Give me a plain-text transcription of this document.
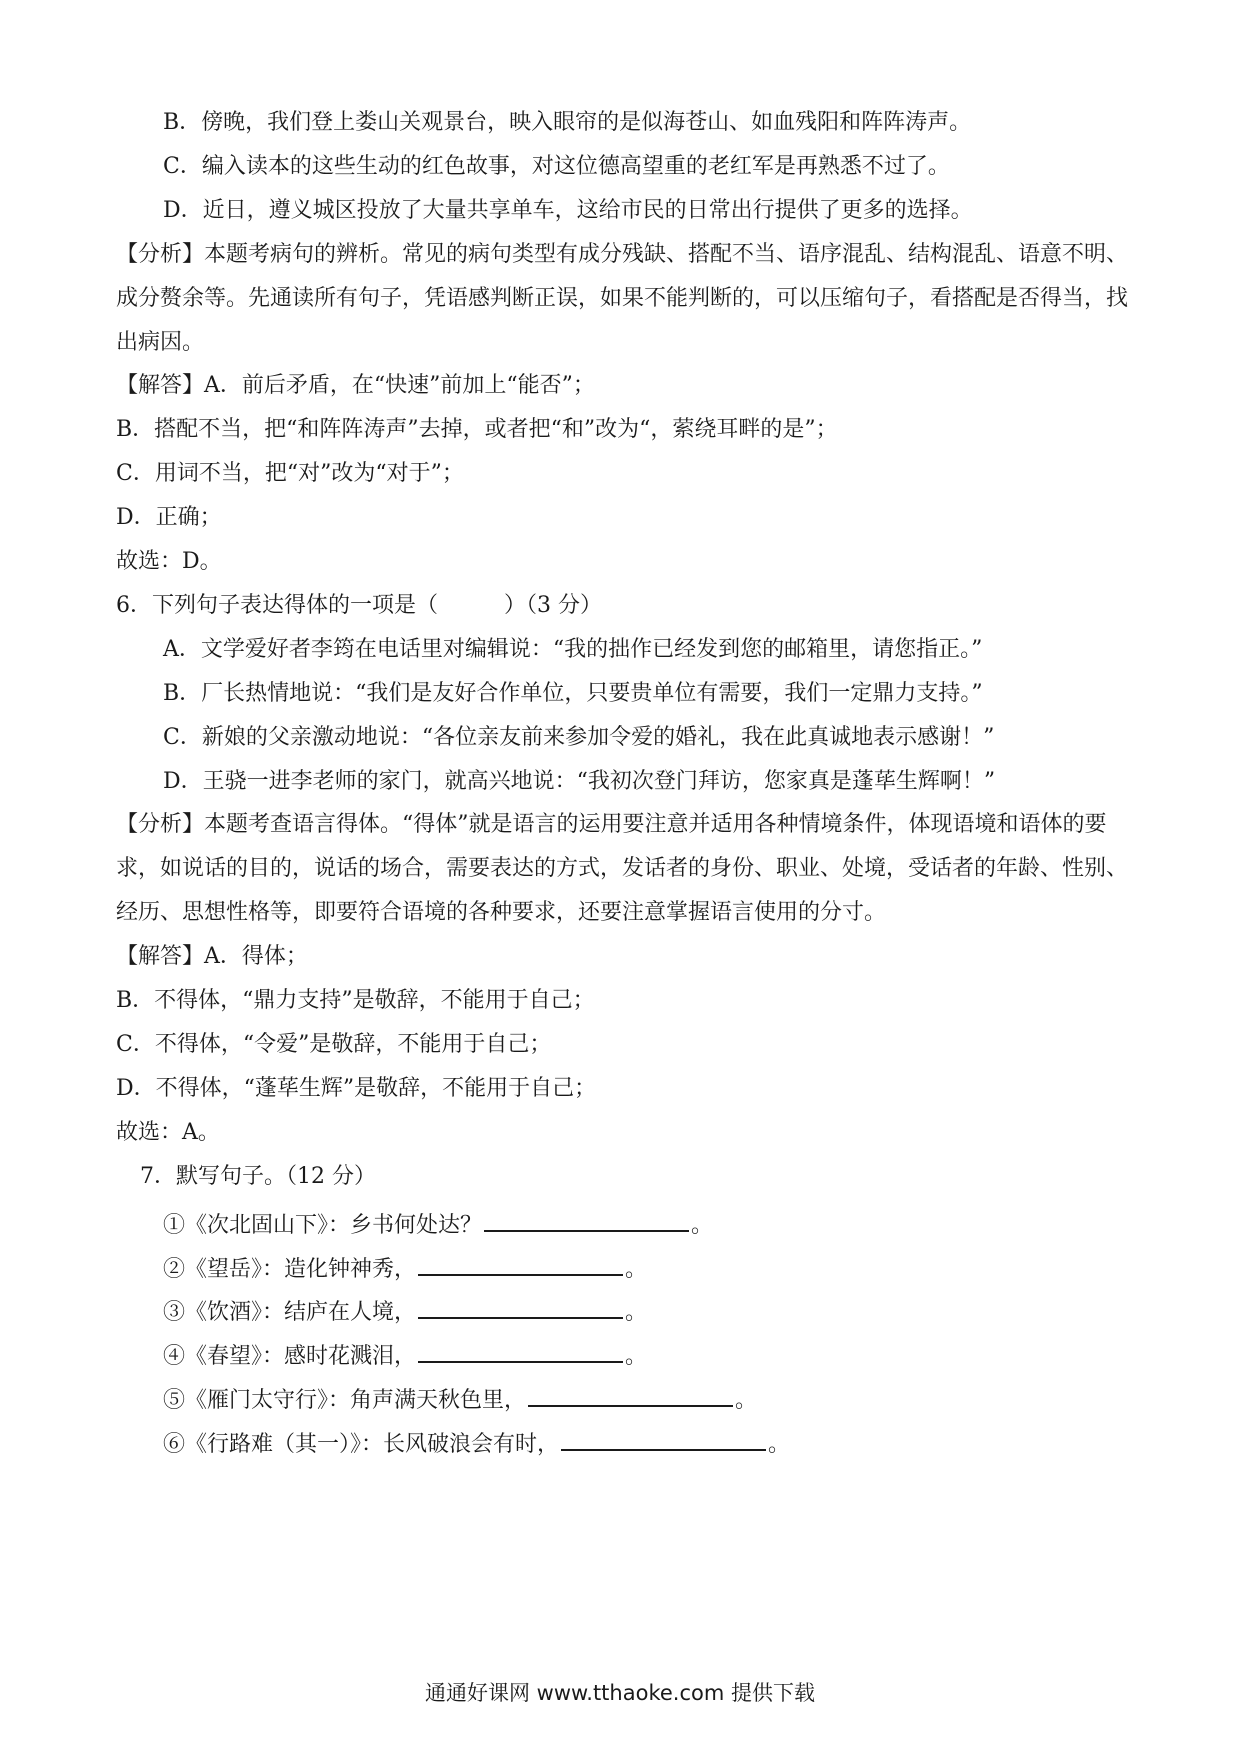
B．傍晚，我们登上娄山关观景台，映入眼帘的是似海苍山、如血残阳和阵阵涛声。
C．编入读本的这些生动的红色故事，对这位德高望重的老红军是再熟悉不过了。
D．近日，遵义城区投放了大量共享单车，这给市民的日常出行提供了更多的选择。
【分析】本题考病句的辨析。常见的病句类型有成分残缺、搭配不当、语序混乱、结构混乱、语意不明、
成分赘余等。先通读所有句子，凭语感判断正误，如果不能判断的，可以压缩句子，看搭配是否得当，找
出病因。
【解答】A．前后矛盾，在“快速”前加上“能否”；
B．搭配不当，把“和阵阵涛声”去掉，或者把“和”改为“，萦绕耳畔的是”；
C．用词不当，把“对”改为“对于”；
D．正确；
故选：D。
6．下列句子表达得体的一项是（　　　）（3 分）
A．文学爱好者李筠在电话里对编辑说：“我的拙作已经发到您的邮箱里，请您指正。”
B．厂长热情地说：“我们是友好合作单位，只要贵单位有需要，我们一定鼎力支持。”
C．新娘的父亲激动地说：“各位亲友前来参加令爱的婚礼，我在此真诚地表示感谢！”
D．王骁一进李老师的家门，就高兴地说：“我初次登门拜访，您家真是蓬荜生辉啊！”
【分析】本题考查语言得体。“得体”就是语言的运用要注意并适用各种情境条件，体现语境和语体的要
求，如说话的目的，说话的场合，需要表达的方式，发话者的身份、职业、处境，受话者的年龄、性别、
经历、思想性格等，即要符合语境的各种要求，还要注意掌握语言使用的分寸。
【解答】A．得体；
B．不得体，“鼎力支持”是敬辞，不能用于自己；
C．不得体，“令爱”是敬辞，不能用于自己；
D．不得体，“蓬荜生辉”是敬辞，不能用于自己；
故选：A。
7．默写句子。（12 分）
①《次北固山下》：乡书何处达？	。
②《望岳》：造化钟神秀，	。
③《饮酒》：结庐在人境，	。
④《春望》：感时花溅泪，	。
⑤《雁门太守行》：角声满天秋色里，	。
⑥《行路难（其一）》：长风破浪会有时，	。
通通好课网 www.tthaoke.com 提供下载
